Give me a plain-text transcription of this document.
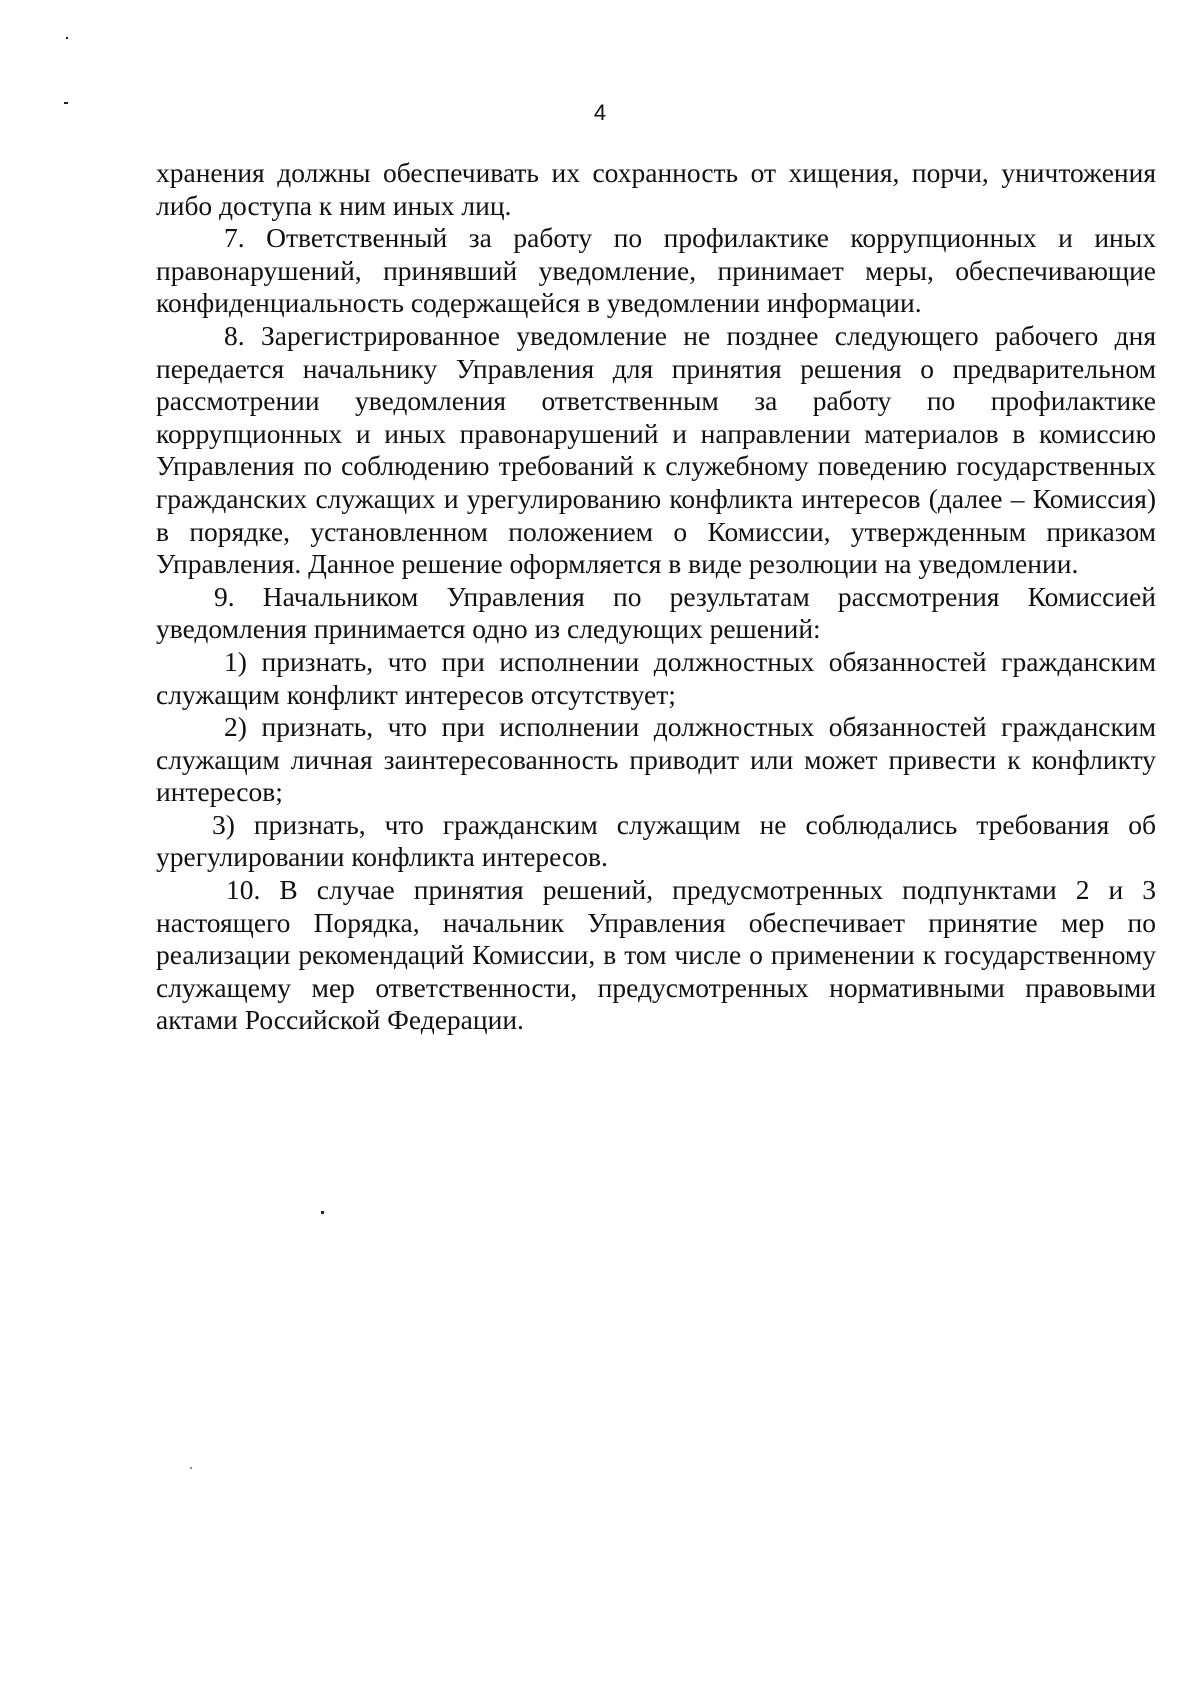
4

хранения должны обеспечивать их сохранность от хищения, порчи, уничтожения либо доступа к ним иных лиц.

7. Ответственный за работу по профилактике коррупционных и иных правонарушений, принявший уведомление, принимает меры, обеспечивающие конфиденциальность содержащейся в уведомлении информации.

8. Зарегистрированное уведомление не позднее следующего рабочего дня передается начальнику Управления для принятия решения о предварительном рассмотрении уведомления ответственным за работу по профилактике коррупционных и иных правонарушений и направлении материалов в комиссию Управления по соблюдению требований к служебному поведению государственных гражданских служащих и урегулированию конфликта интересов (далее – Комиссия) в порядке, установленном положением о Комиссии, утвержденным приказом Управления. Данное решение оформляется в виде резолюции на уведомлении.

9. Начальником Управления по результатам рассмотрения Комиссией уведомления принимается одно из следующих решений:

1) признать, что при исполнении должностных обязанностей гражданским служащим конфликт интересов отсутствует;

2) признать, что при исполнении должностных обязанностей гражданским служащим личная заинтересованность приводит или может привести к конфликту интересов;

3) признать, что гражданским служащим не соблюдались требования об урегулировании конфликта интересов.

10. В случае принятия решений, предусмотренных подпунктами 2 и 3 настоящего Порядка, начальник Управления обеспечивает принятие мер по реализации рекомендаций Комиссии, в том числе о применении к государственному служащему мер ответственности, предусмотренных нормативными правовыми актами Российской Федерации.
